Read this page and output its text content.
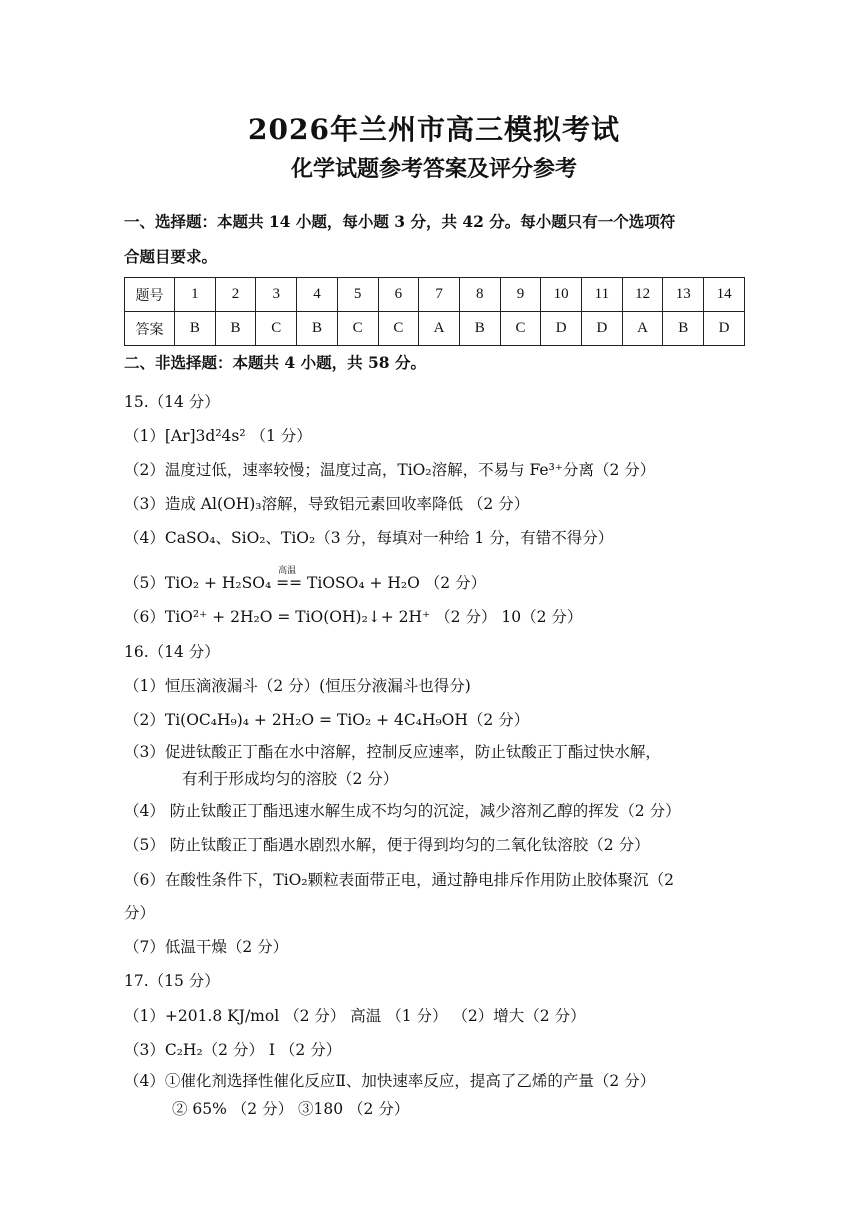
2026年兰州市高三模拟考试
化学试题参考答案及评分参考
一、选择题：本题共 14 小题，每小题 3 分，共 42 分。每小题只有一个选项符
合题目要求。
题号	1	2	3	4	5	6	7	8	9	10	11	12	13	14
答案	B	B	C	B	C	C	A	B	C	D	D	A	B	D
二、非选择题：本题共 4 小题，共 58 分。
15.（14 分）
（1）[Ar]3d²4s² （1 分）
（2）温度过低，速率较慢；温度过高，TiO₂溶解，不易与 Fe³⁺分离（2 分）
（3）造成 Al(OH)₃溶解，导致铝元素回收率降低 （2 分）
（4）CaSO₄、SiO₂、TiO₂（3 分，每填对一种给 1 分，有错不得分）
（5）TiO₂ + H₂SO₄
高温
== TiOSO₄ + H₂O （2 分）
（6）TiO²⁺ + 2H₂O = TiO(OH)₂↓+ 2H⁺ （2 分） 10（2 分）
16.（14 分）
（1）恒压滴液漏斗（2 分）(恒压分液漏斗也得分)
（2）Ti(OC₄H₉)₄ + 2H₂O = TiO₂ + 4C₄H₉OH（2 分）
（3）促进钛酸正丁酯在水中溶解，控制反应速率，防止钛酸正丁酯过快水解，
有利于形成均匀的溶胶（2 分）
（4） 防止钛酸正丁酯迅速水解生成不均匀的沉淀，减少溶剂乙醇的挥发（2 分）
（5） 防止钛酸正丁酯遇水剧烈水解，便于得到均匀的二氧化钛溶胶（2 分）
（6）在酸性条件下，TiO₂颗粒表面带正电，通过静电排斥作用防止胶体聚沉（2
分）
（7）低温干燥（2 分）
17.（15 分）
（1）+201.8 KJ/mol （2 分） 高温 （1 分） （2）增大（2 分）
（3）C₂H₂（2 分） I （2 分）
（4）①催化剂选择性催化反应Ⅱ、加快速率反应，提高了乙烯的产量（2 分）
② 65% （2 分） ③180 （2 分）
